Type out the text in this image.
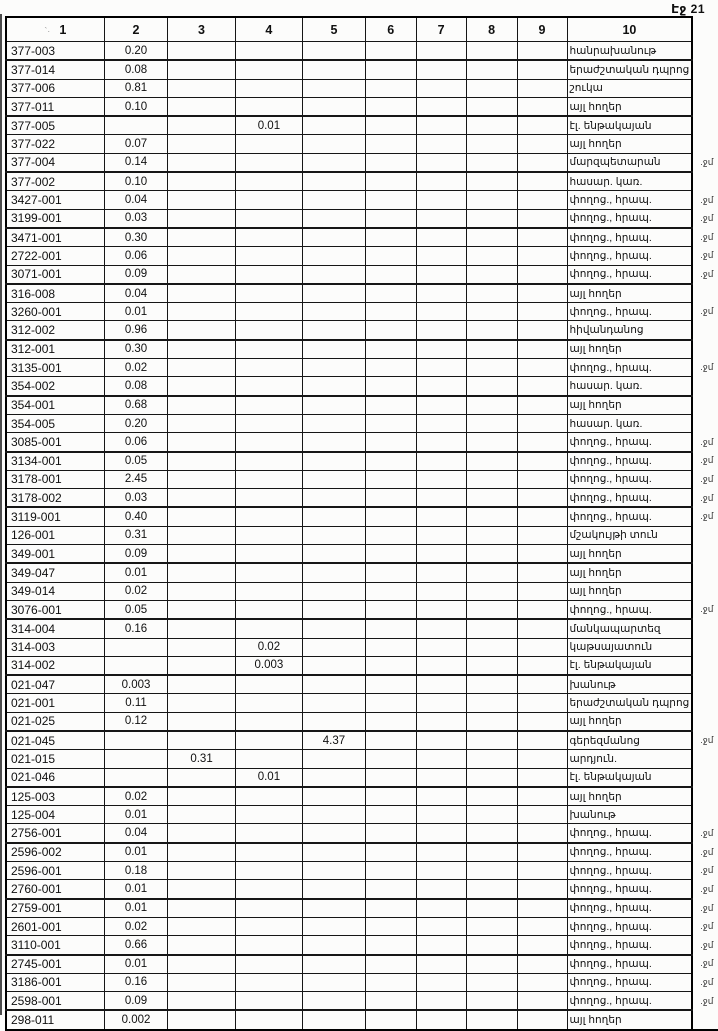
Էջ 21
`· 1	2	3	4	5	6	7	8	9	10	
377-003	0.20								հանրախանութ	
377-014	0.08								երաժշտական դպրոց	
377-006	0.81								շուկա	
377-011	0.10								այլ հողեր	
377-005			0.01						էլ. ենթակայան	
377-022	0.07								այլ հողեր	
377-004	0.14								մարզպետարան	.ջմ
377-002	0.10								հասար. կառ.	
3427-001	0.04								փողոց., հրապ.	.ջմ
3199-001	0.03								փողոց., հրապ.	.ջմ
3471-001	0.30								փողոց., հրապ.	.ջմ
2722-001	0.06								փողոց., հրապ.	.ջմ
3071-001	0.09								փողոց., հրապ.	.ջմ
316-008	0.04								այլ հողեր	
3260-001	0.01								փողոց., հրապ.	.ջմ
312-002	0.96								հիվանդանոց	
312-001	0.30								այլ հողեր	
3135-001	0.02								փողոց., հրապ.	.ջմ
354-002	0.08								հասար. կառ.	
354-001	0.68								այլ հողեր	
354-005	0.20								հասար. կառ.	
3085-001	0.06								փողոց., հրապ.	.ջմ
3134-001	0.05								փողոց., հրապ.	.ջմ
3178-001	2.45								փողոց., հրապ.	.ջմ
3178-002	0.03								փողոց., հրապ.	.ջմ
3119-001	0.40								փողոց., հրապ.	.ջմ
126-001	0.31								մշակույթի տուն	
349-001	0.09								այլ հողեր	
349-047	0.01								այլ հողեր	
349-014	0.02								այլ հողեր	
3076-001	0.05								փողոց., հրապ.	.ջմ
314-004	0.16								մանկապարտեզ	
314-003			0.02						կաթսայատուն	
314-002			0.003						էլ. ենթակայան	
021-047	0.003								խանութ	
021-001	0.11								երաժշտական դպրոց	
021-025	0.12								այլ հողեր	
021-045				4.37					գերեզմանոց	.ջմ
021-015		0.31							արդյուն.	
021-046			0.01						էլ. ենթակայան	
125-003	0.02								այլ հողեր	
125-004	0.01								խանութ	
2756-001	0.04								փողոց., հրապ.	.ջմ
2596-002	0.01								փողոց., հրապ.	.ջմ
2596-001	0.18								փողոց., հրապ.	.ջմ
2760-001	0.01								փողոց., հրապ.	.ջմ
2759-001	0.01								փողոց., հրապ.	.ջմ
2601-001	0.02								փողոց., հրապ.	.ջմ
3110-001	0.66								փողոց., հրապ.	.ջմ
2745-001	0.01								փողոց., հրապ.	.ջմ
3186-001	0.16								փողոց., հրապ.	.ջմ
2598-001	0.09								փողոց., հրապ.	.ջմ
298-011	0.002								այլ հողեր	
